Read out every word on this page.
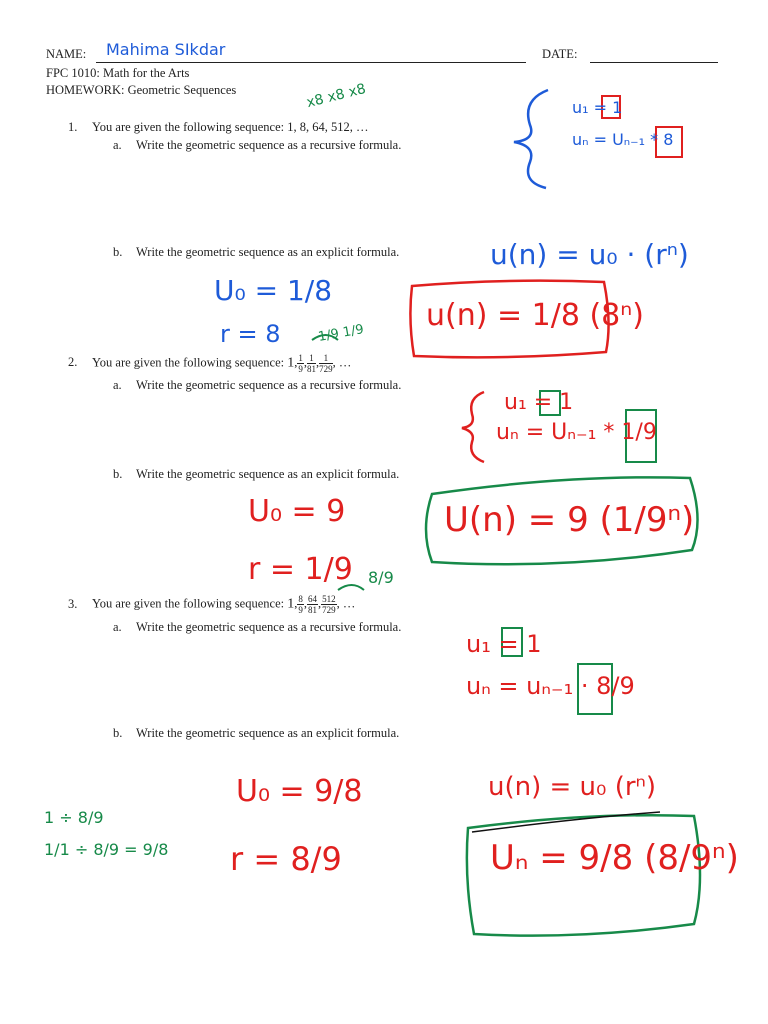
NAME: Mahima SIkdar	DATE:
FPC 1010: Math for the Arts
HOMEWORK: Geometric Sequences
1. You are given the following sequence: 1, 8, 64, 512, …
a. Write the geometric sequence as a recursive formula.
b. Write the geometric sequence as an explicit formula.
2. You are given the following sequence: 1, $\frac{1}{9}$ , $\frac{1}{81}$ , $\frac{1}{729}$ , …
a. Write the geometric sequence as a recursive formula.
b. Write the geometric sequence as an explicit formula.
3. You are given the following sequence: 1, $\frac{8}{9}$ , $\frac{64}{81}$ , $\frac{512}{729}$ , …
a. Write the geometric sequence as a recursive formula.
b. Write the geometric sequence as an explicit formula.
x8 x8 x8	u₁ = 1
uₙ = Uₙ₋₁ * 8
u(n) = u₀ · (rⁿ)
U₀ = 1/8
r = 8
u(n) = 1/8 (8ⁿ)
1/9 1/9
u₁ = 1
uₙ = Uₙ₋₁ * 1/9
U₀ = 9
r = 1/9
U(n) = 9 (1/9ⁿ)
8/9
u₁ = 1
uₙ = uₙ₋₁ · 8/9
U₀ = 9/8
r = 8/9
u(n) = u₀ (rⁿ)
Uₙ = 9/8 (8/9ⁿ)
1 ÷ 8/9
1/1 ÷ 8/9 = 9/8
